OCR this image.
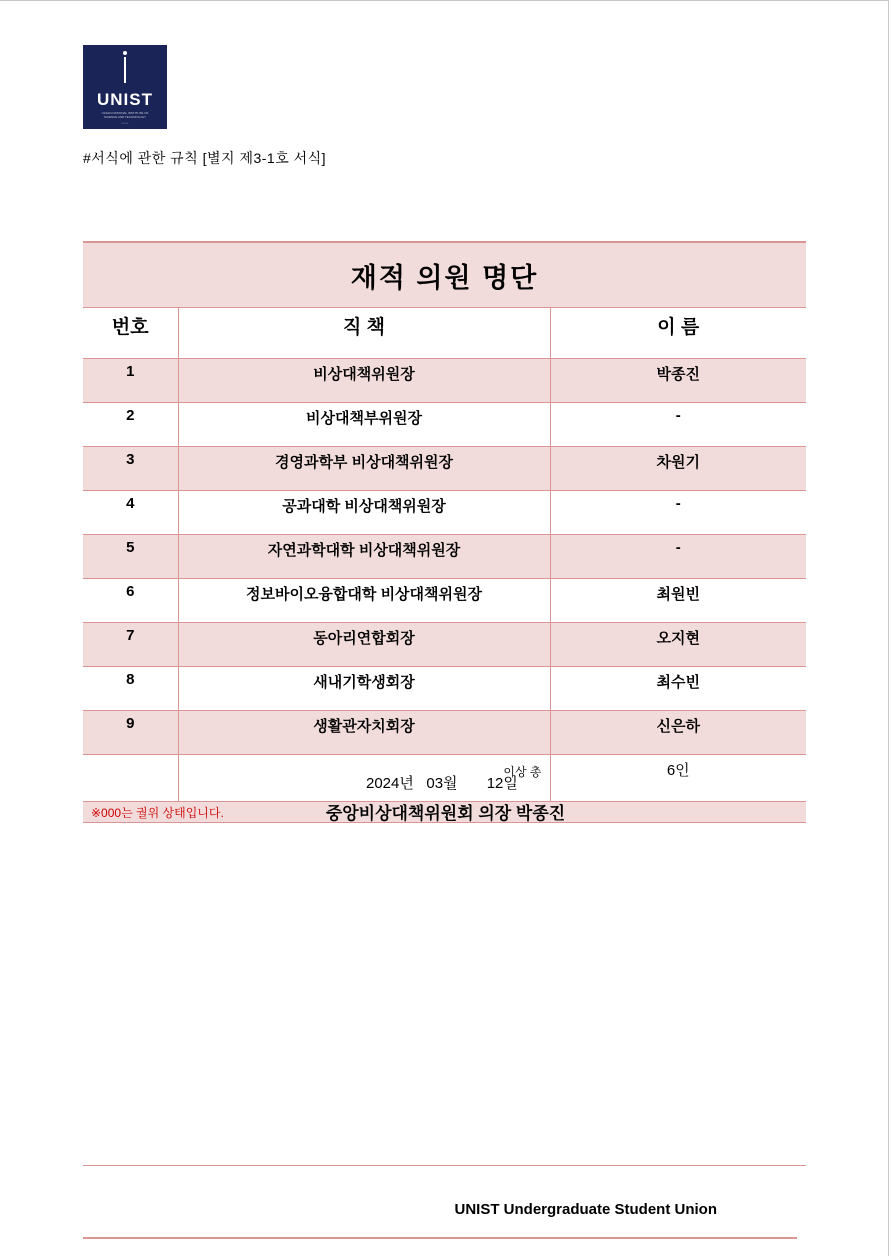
UNIST
ULSAN NATIONAL INSTITUTE OF
SCIENCE AND TECHNOLOGY
• • • •
#서식에 관한 규칙 [별지 제3-1호 서식]
재적 의원 명단		
번호	직 책	이 름
1	비상대책위원장	박종진
2	비상대책부위원장	-
3	경영과학부 비상대책위원장	차원기
4	공과대학 비상대책위원장	-
5	자연과학대학 비상대책위원장	-
6	정보바이오융합대학 비상대책위원장	최원빈
7	동아리연합회장	오지현
8	새내기학생회장	최수빈
9	생활관자치회장	신은하
	이상 총	6인
※000는 궐위 상태입니다.		
2024년   03월       12일
중앙비상대책위원회 의장 박종진
UNIST Undergraduate Student Union
